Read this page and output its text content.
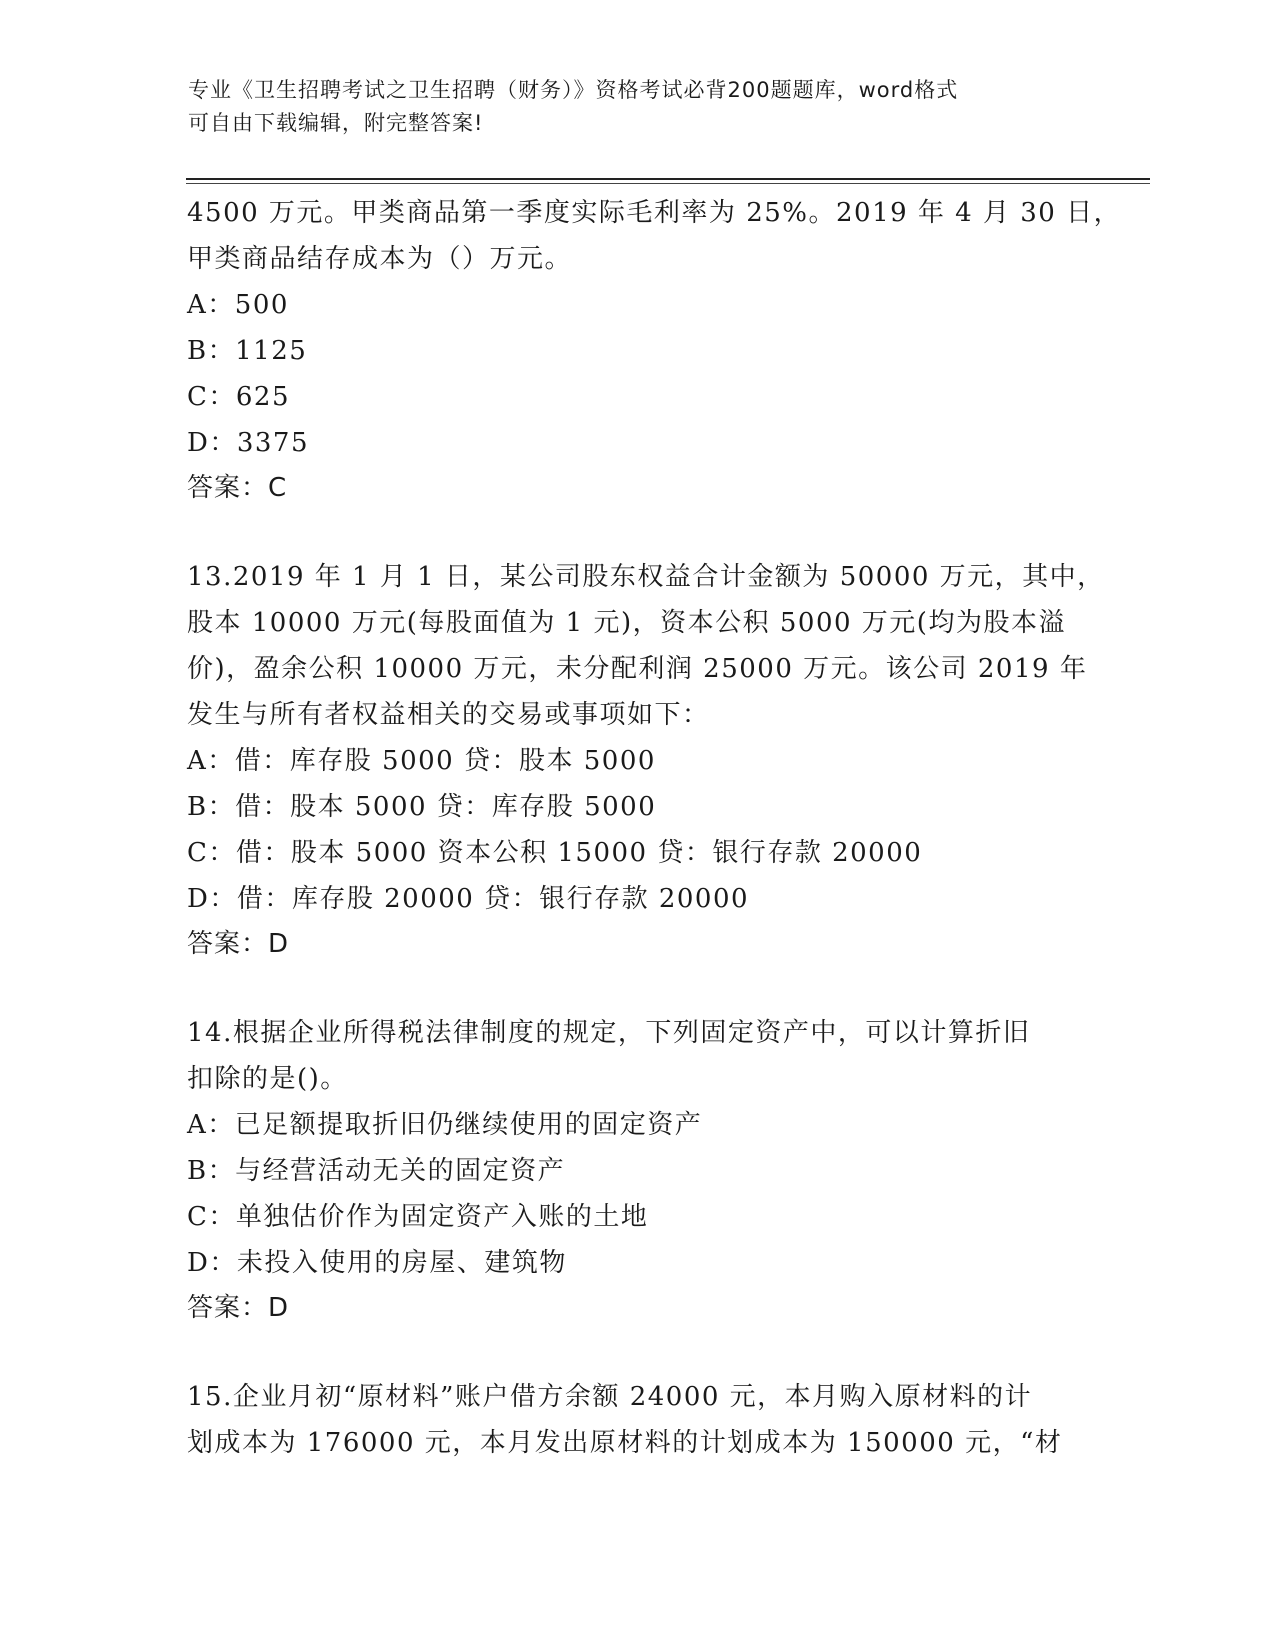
专业《卫生招聘考试之卫生招聘（财务）》资格考试必背200题题库，word格式
可自由下载编辑，附完整答案!
4500 万元。甲类商品第一季度实际毛利率为 25%。2019 年 4 月 30 日，
甲类商品结存成本为（）万元。
A：500
B：1125
C：625
D：3375
答案：C
13.2019 年 1 月 1 日，某公司股东权益合计金额为 50000 万元，其中，
股本 10000 万元(每股面值为 1 元)，资本公积 5000 万元(均为股本溢
价)，盈余公积 10000 万元，未分配利润 25000 万元。该公司 2019 年
发生与所有者权益相关的交易或事项如下：
A：借：库存股 5000 贷：股本 5000
B：借：股本 5000 贷：库存股 5000
C：借：股本 5000 资本公积 15000 贷：银行存款 20000
D：借：库存股 20000 贷：银行存款 20000
答案：D
14.根据企业所得税法律制度的规定，下列固定资产中，可以计算折旧
扣除的是()。
A：已足额提取折旧仍继续使用的固定资产
B：与经营活动无关的固定资产
C：单独估价作为固定资产入账的土地
D：未投入使用的房屋、建筑物
答案：D
15.企业月初“原材料”账户借方余额 24000 元，本月购入原材料的计
划成本为 176000 元，本月发出原材料的计划成本为 150000 元，“材
